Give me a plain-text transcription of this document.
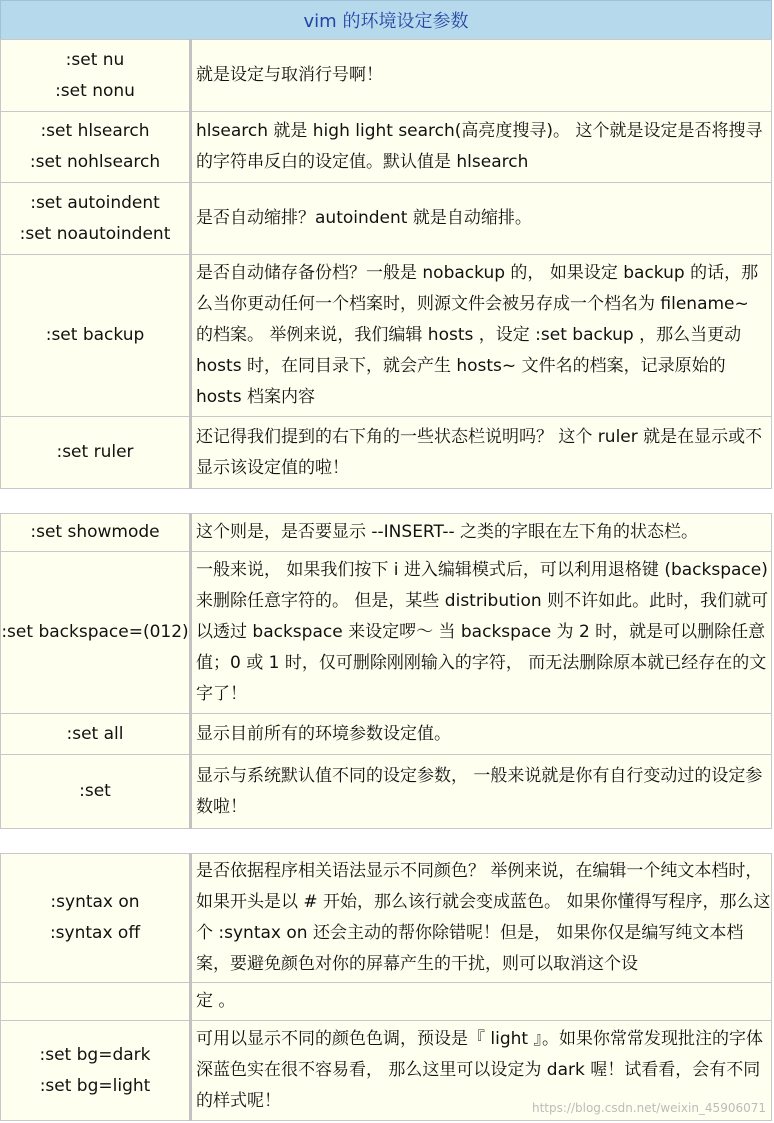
vim 的环境设定参数
:set nu
:set nonu	就是设定与取消行号啊！

:set hlsearch
:set nohlsearch	hlsearch 就是 high light search(高亮度搜寻)。 这个就是设定是否将搜寻的字符串反白的设定值。默认值是 hlsearch

:set autoindent
:set noautoindent	是否自动缩排？autoindent 就是自动缩排。

:set backup	是否自动储存备份档？一般是 nobackup 的， 如果设定 backup 的话，那么当你更动任何一个档案时，则源文件会被另存成一个档名为 filename~ 的档案。 举例来说，我们编辑 hosts ，设定 :set backup ，那么当更动 hosts 时，在同目录下，就会产生 hosts~ 文件名的档案，记录原始的 hosts 档案内容

:set ruler	还记得我们提到的右下角的一些状态栏说明吗？ 这个 ruler 就是在显示或不显示该设定值的啦！
:set showmode	这个则是，是否要显示 --INSERT-- 之类的字眼在左下角的状态栏。

:set backspace=(012)	一般来说， 如果我们按下 i 进入编辑模式后，可以利用退格键 (backspace) 来删除任意字符的。 但是，某些 distribution 则不许如此。此时，我们就可以透过 backspace 来设定啰～ 当 backspace 为 2 时，就是可以删除任意值；0 或 1 时，仅可删除刚刚输入的字符， 而无法删除原本就已经存在的文字了！

:set all	显示目前所有的环境参数设定值。

:set	显示与系统默认值不同的设定参数， 一般来说就是你有自行变动过的设定参数啦！
:syntax on
:syntax off	是否依据程序相关语法显示不同颜色？ 举例来说，在编辑一个纯文本档时，如果开头是以 # 开始，那么该行就会变成蓝色。 如果你懂得写程序，那么这个 :syntax on 还会主动的帮你除错呢！但是， 如果你仅是编写纯文本档案，要避免颜色对你的屏幕产生的干扰，则可以取消这个设
	定 。

:set bg=dark
:set bg=light	可用以显示不同的颜色色调，预设是『 light 』。如果你常常发现批注的字体深蓝色实在很不容易看， 那么这里可以设定为 dark 喔！试看看，会有不同的样式呢！	https://blog.csdn.net/weixin_45906071
